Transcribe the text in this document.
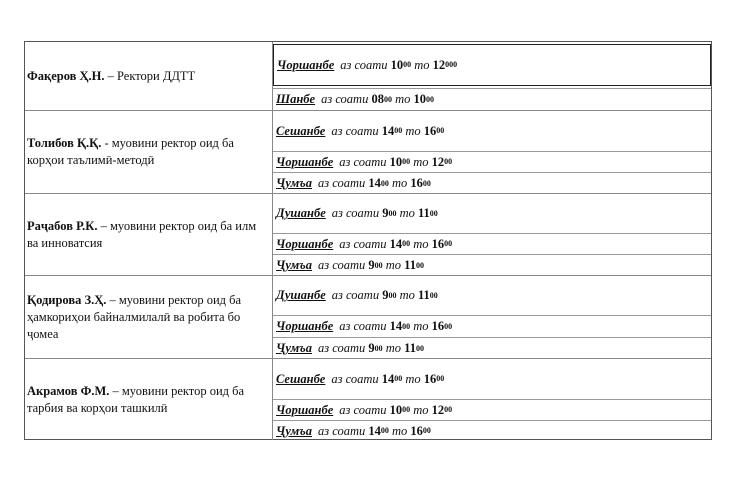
Фақеров Ҳ.Н. – Ректори ДДТТ
Чоршанбе аз соати
10 00
то
12 000
Шанбе аз соати
08 00
то
10 00
Толибов Қ.Қ. - муовини ректор оид ба корҳои таълимӣ-методӣ
Сешанбе аз соати
14 00
то
16 00
Чоршанбе аз соати
10 00
то
12 00
Ҷумъа аз соати
14 00
то
16 00
Раҷабов Р.К. – муовини ректор оид ба илм ва инноватсия
Душанбе аз соати
9 00
то
11 00
Чоршанбе аз соати
14 00
то
16 00
Ҷумъа аз соати
9 00
то
11 00
Қодирова З.Ҳ. – муовини ректор оид ба ҳамкориҳои байналмилалӣ ва робита бо ҷомеа
Душанбе аз соати
9 00
то
11 00
Чоршанбе аз соати
14 00
то
16 00
Ҷумъа аз соати
9 00
то
11 00
Акрамов Ф.М. – муовини ректор оид ба тарбия ва корҳои ташкилӣ
Сешанбе аз соати
14 00
то
16 00
Чоршанбе аз соати
10 00
то
12 00
Ҷумъа аз соати
14 00
то
16 00
